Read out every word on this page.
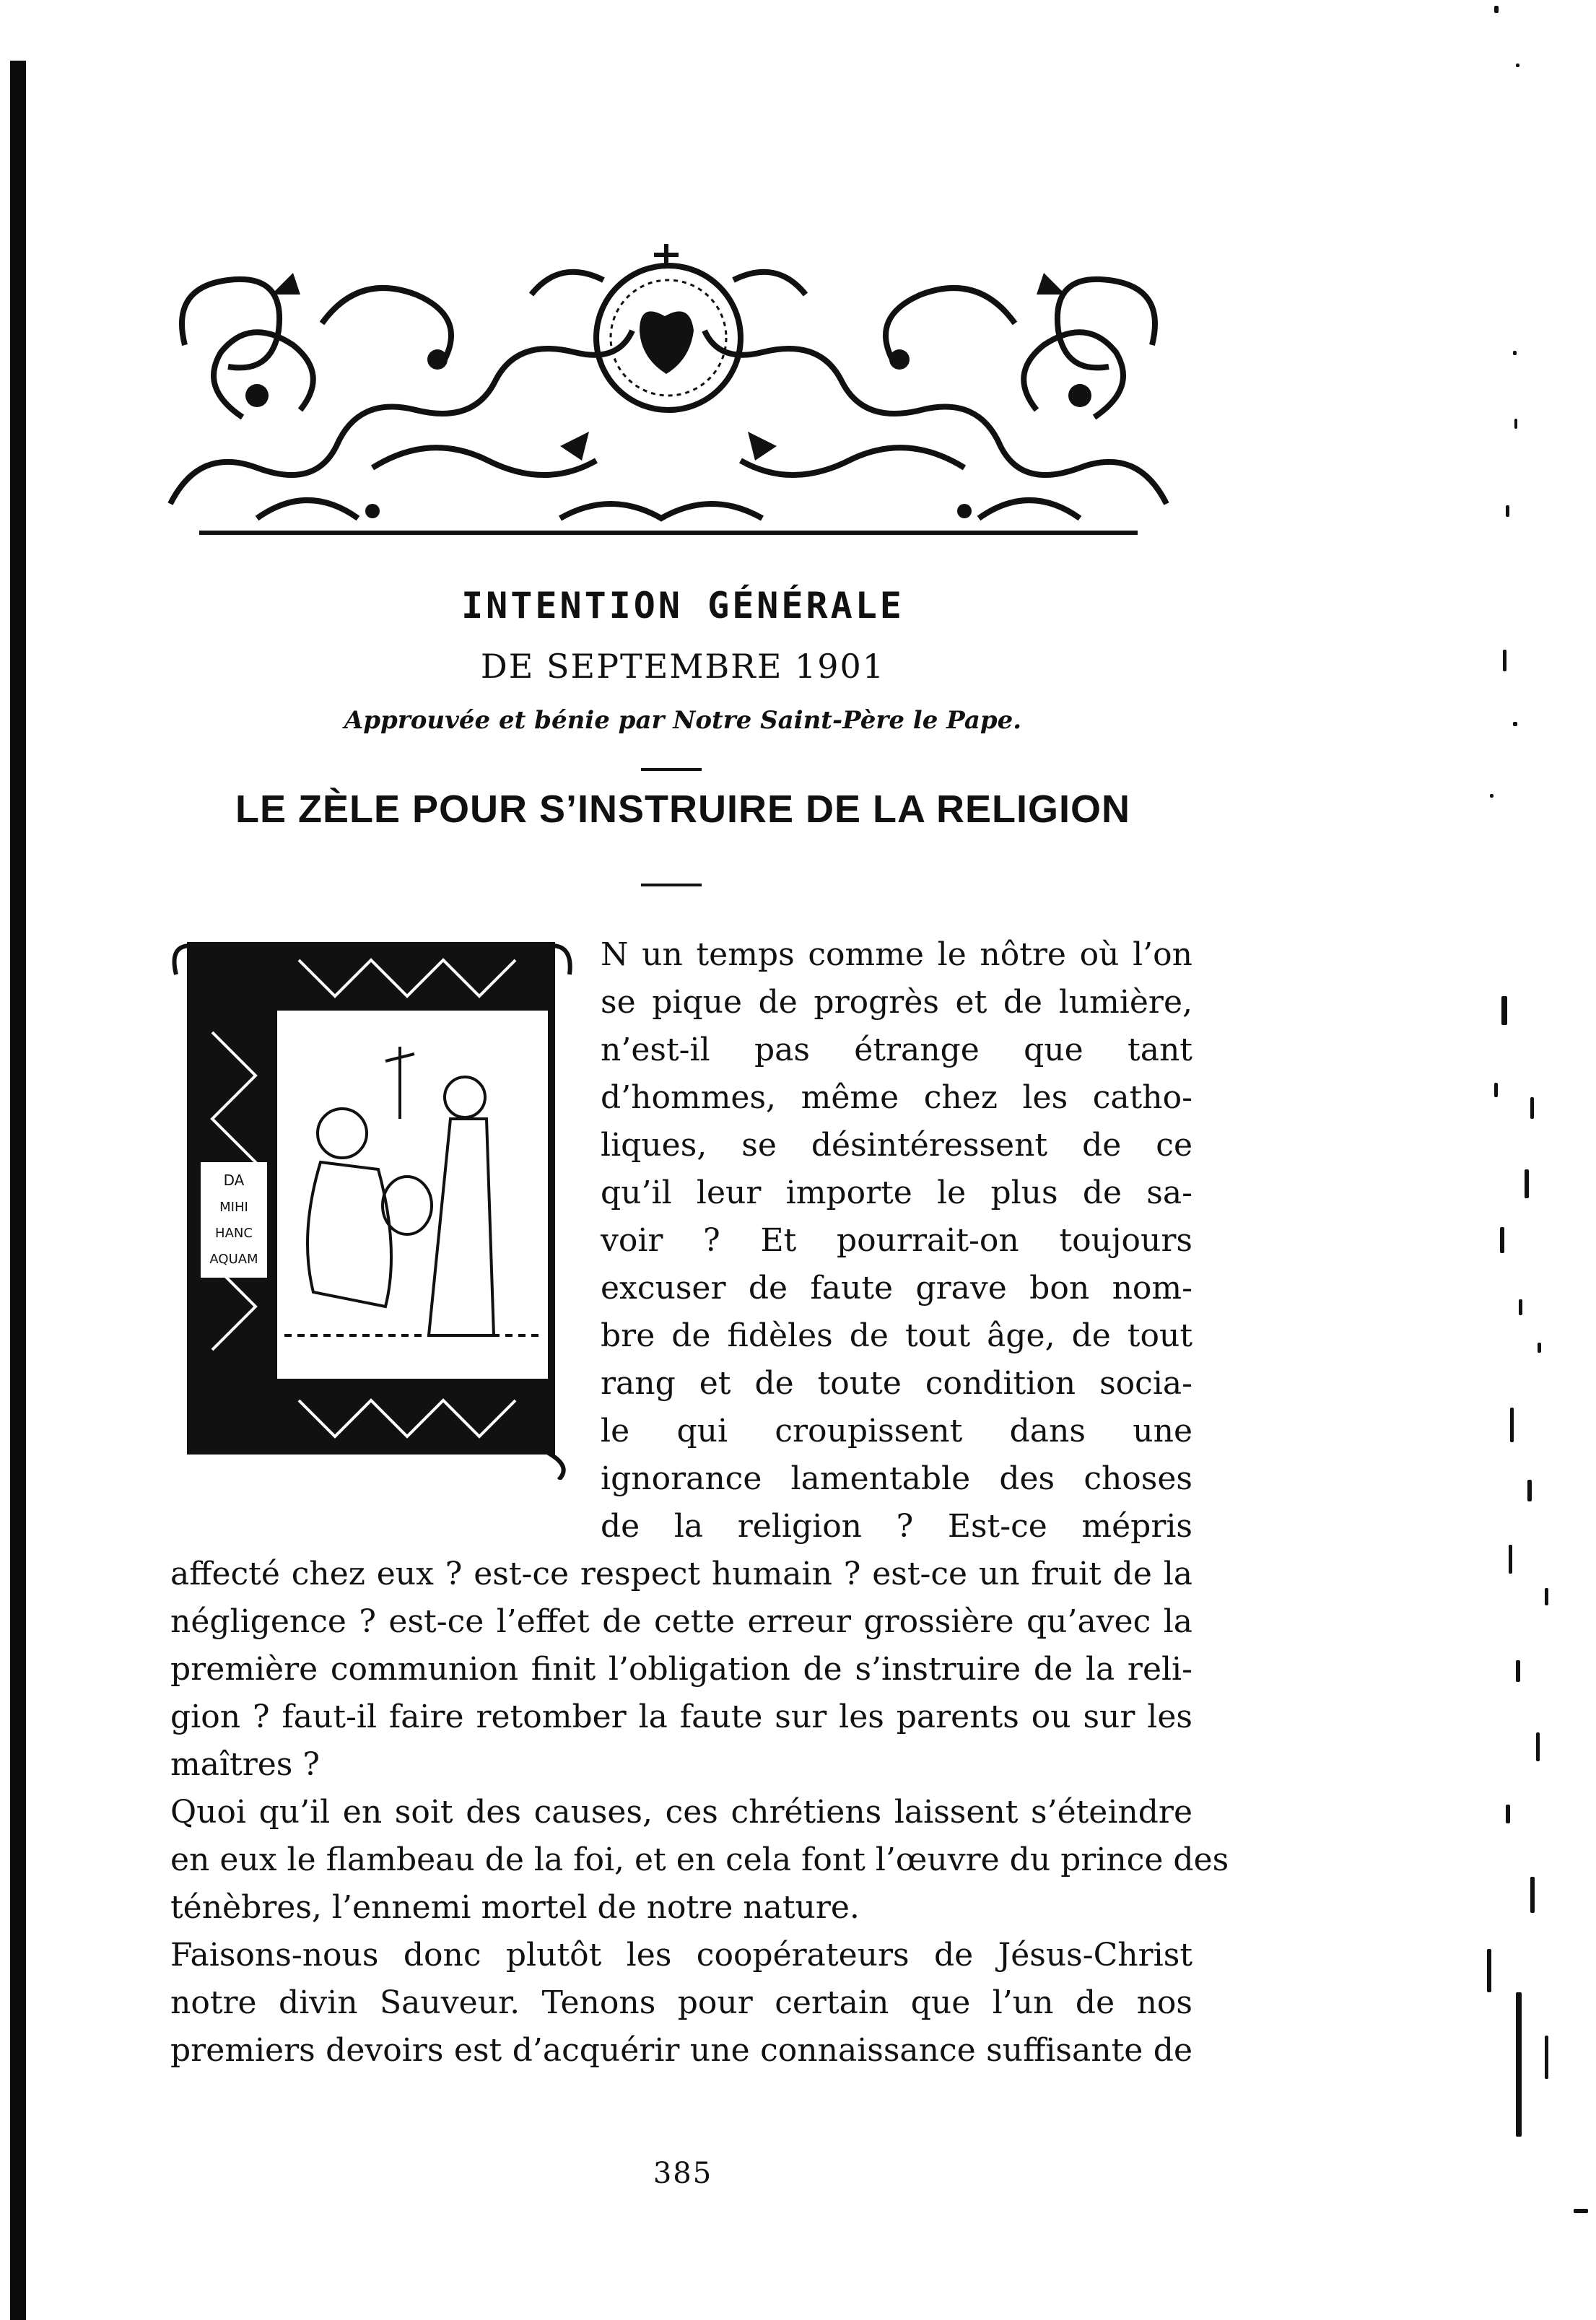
INTENTION GÉNÉRALE
DE SEPTEMBRE 1901
Approuvée et bénie par Notre Saint-Père le Pape.
LE ZÈLE POUR S’INSTRUIRE DE LA RELIGION
DA
MIHI
HANC
AQUAM
N un temps comme le nôtre où l’on
se pique de progrès et de lumière,
n’est-il pas étrange que tant
d’hommes, même chez les catho-
liques, se désintéressent de ce
qu’il leur importe le plus de sa-
voir ? Et pourrait-on toujours
excuser de faute grave bon nom-
bre de fidèles de tout âge, de tout
rang et de toute condition socia-
le qui croupissent dans une
ignorance lamentable des choses
de la religion ? Est-ce mépris
affecté chez eux ? est-ce respect humain ? est-ce un fruit de la
négligence ? est-ce l’effet de cette erreur grossière qu’avec la
première communion finit l’obligation de s’instruire de la reli-
gion ? faut-il faire retomber la faute sur les parents ou sur les
maîtres ?
Quoi qu’il en soit des causes, ces chrétiens laissent s’éteindre
en eux le flambeau de la foi, et en cela font l’œuvre du prince des
ténèbres, l’ennemi mortel de notre nature.
Faisons-nous donc plutôt les coopérateurs de Jésus-Christ
notre divin Sauveur. Tenons pour certain que l’un de nos
premiers devoirs est d’acquérir une connaissance suffisante de
385
